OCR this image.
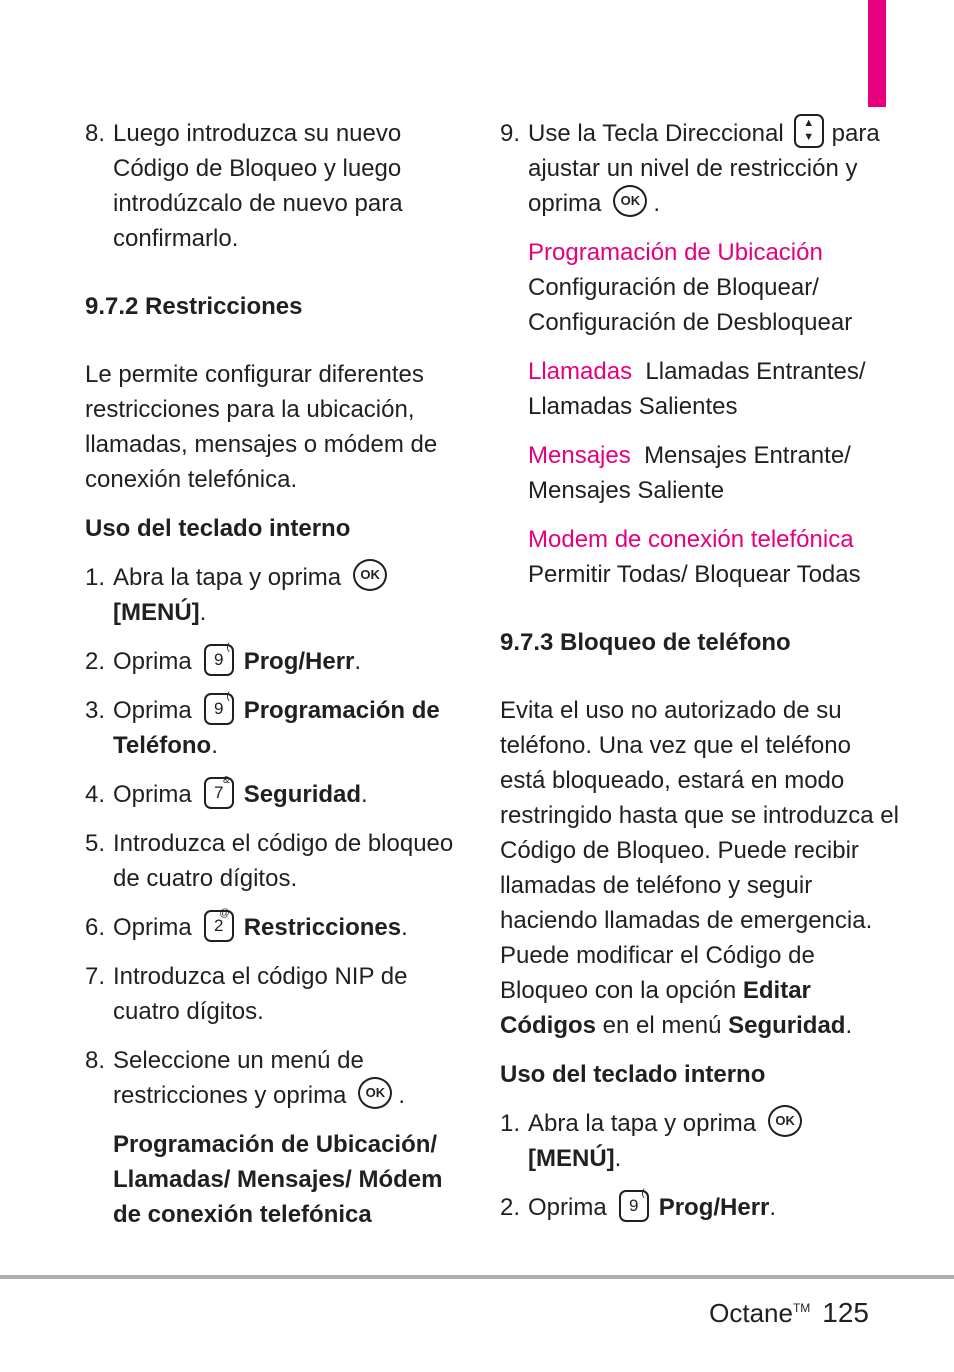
8. Luego introduzca su nuevo Código de Bloqueo y luego introdúzcalo de nuevo para confirmarlo.

9.7.2 Restricciones

Le permite configurar diferentes restricciones para la ubicación, llamadas, mensajes o módem de conexión telefónica.

Uso del teclado interno

1. Abra la tapa y oprima OK
[MENÚ].
2. Oprima 9
(
Prog/Herr.
3. Oprima 9
(
Programación de Teléfono.
4. Oprima 7
&
Seguridad.
5. Introduzca el código de bloqueo de cuatro dígitos.
6. Oprima 2
@
Restricciones.
7. Introduzca el código NIP de cuatro dígitos.
8. Seleccione un menú de restricciones y oprima OK .

Programación de Ubicación/ Llamadas/ Mensajes/ Módem de conexión telefónica

9. Use la Tecla Direccional ▲
▼ para ajustar un nivel de restricción y oprima OK .

Programación de Ubicación

Configuración de Bloquear/ Configuración de Desbloquear

Llamadas Llamadas Entrantes/ Llamadas Salientes

Mensajes Mensajes Entrante/ Mensajes Saliente

Modem de conexión telefónica

Permitir Todas/ Bloquear Todas

9.7.3 Bloqueo de teléfono

Evita el uso no autorizado de su teléfono. Una vez que el teléfono está bloqueado, estará en modo restringido hasta que se introduzca el Código de Bloqueo. Puede recibir llamadas de teléfono y seguir haciendo llamadas de emergencia. Puede modificar el Código de Bloqueo con la opción Editar Códigos en el menú Seguridad.

Uso del teclado interno

1. Abra la tapa y oprima OK
[MENÚ].
2. Oprima 9
(
Prog/Herr.
Octane™ 125
